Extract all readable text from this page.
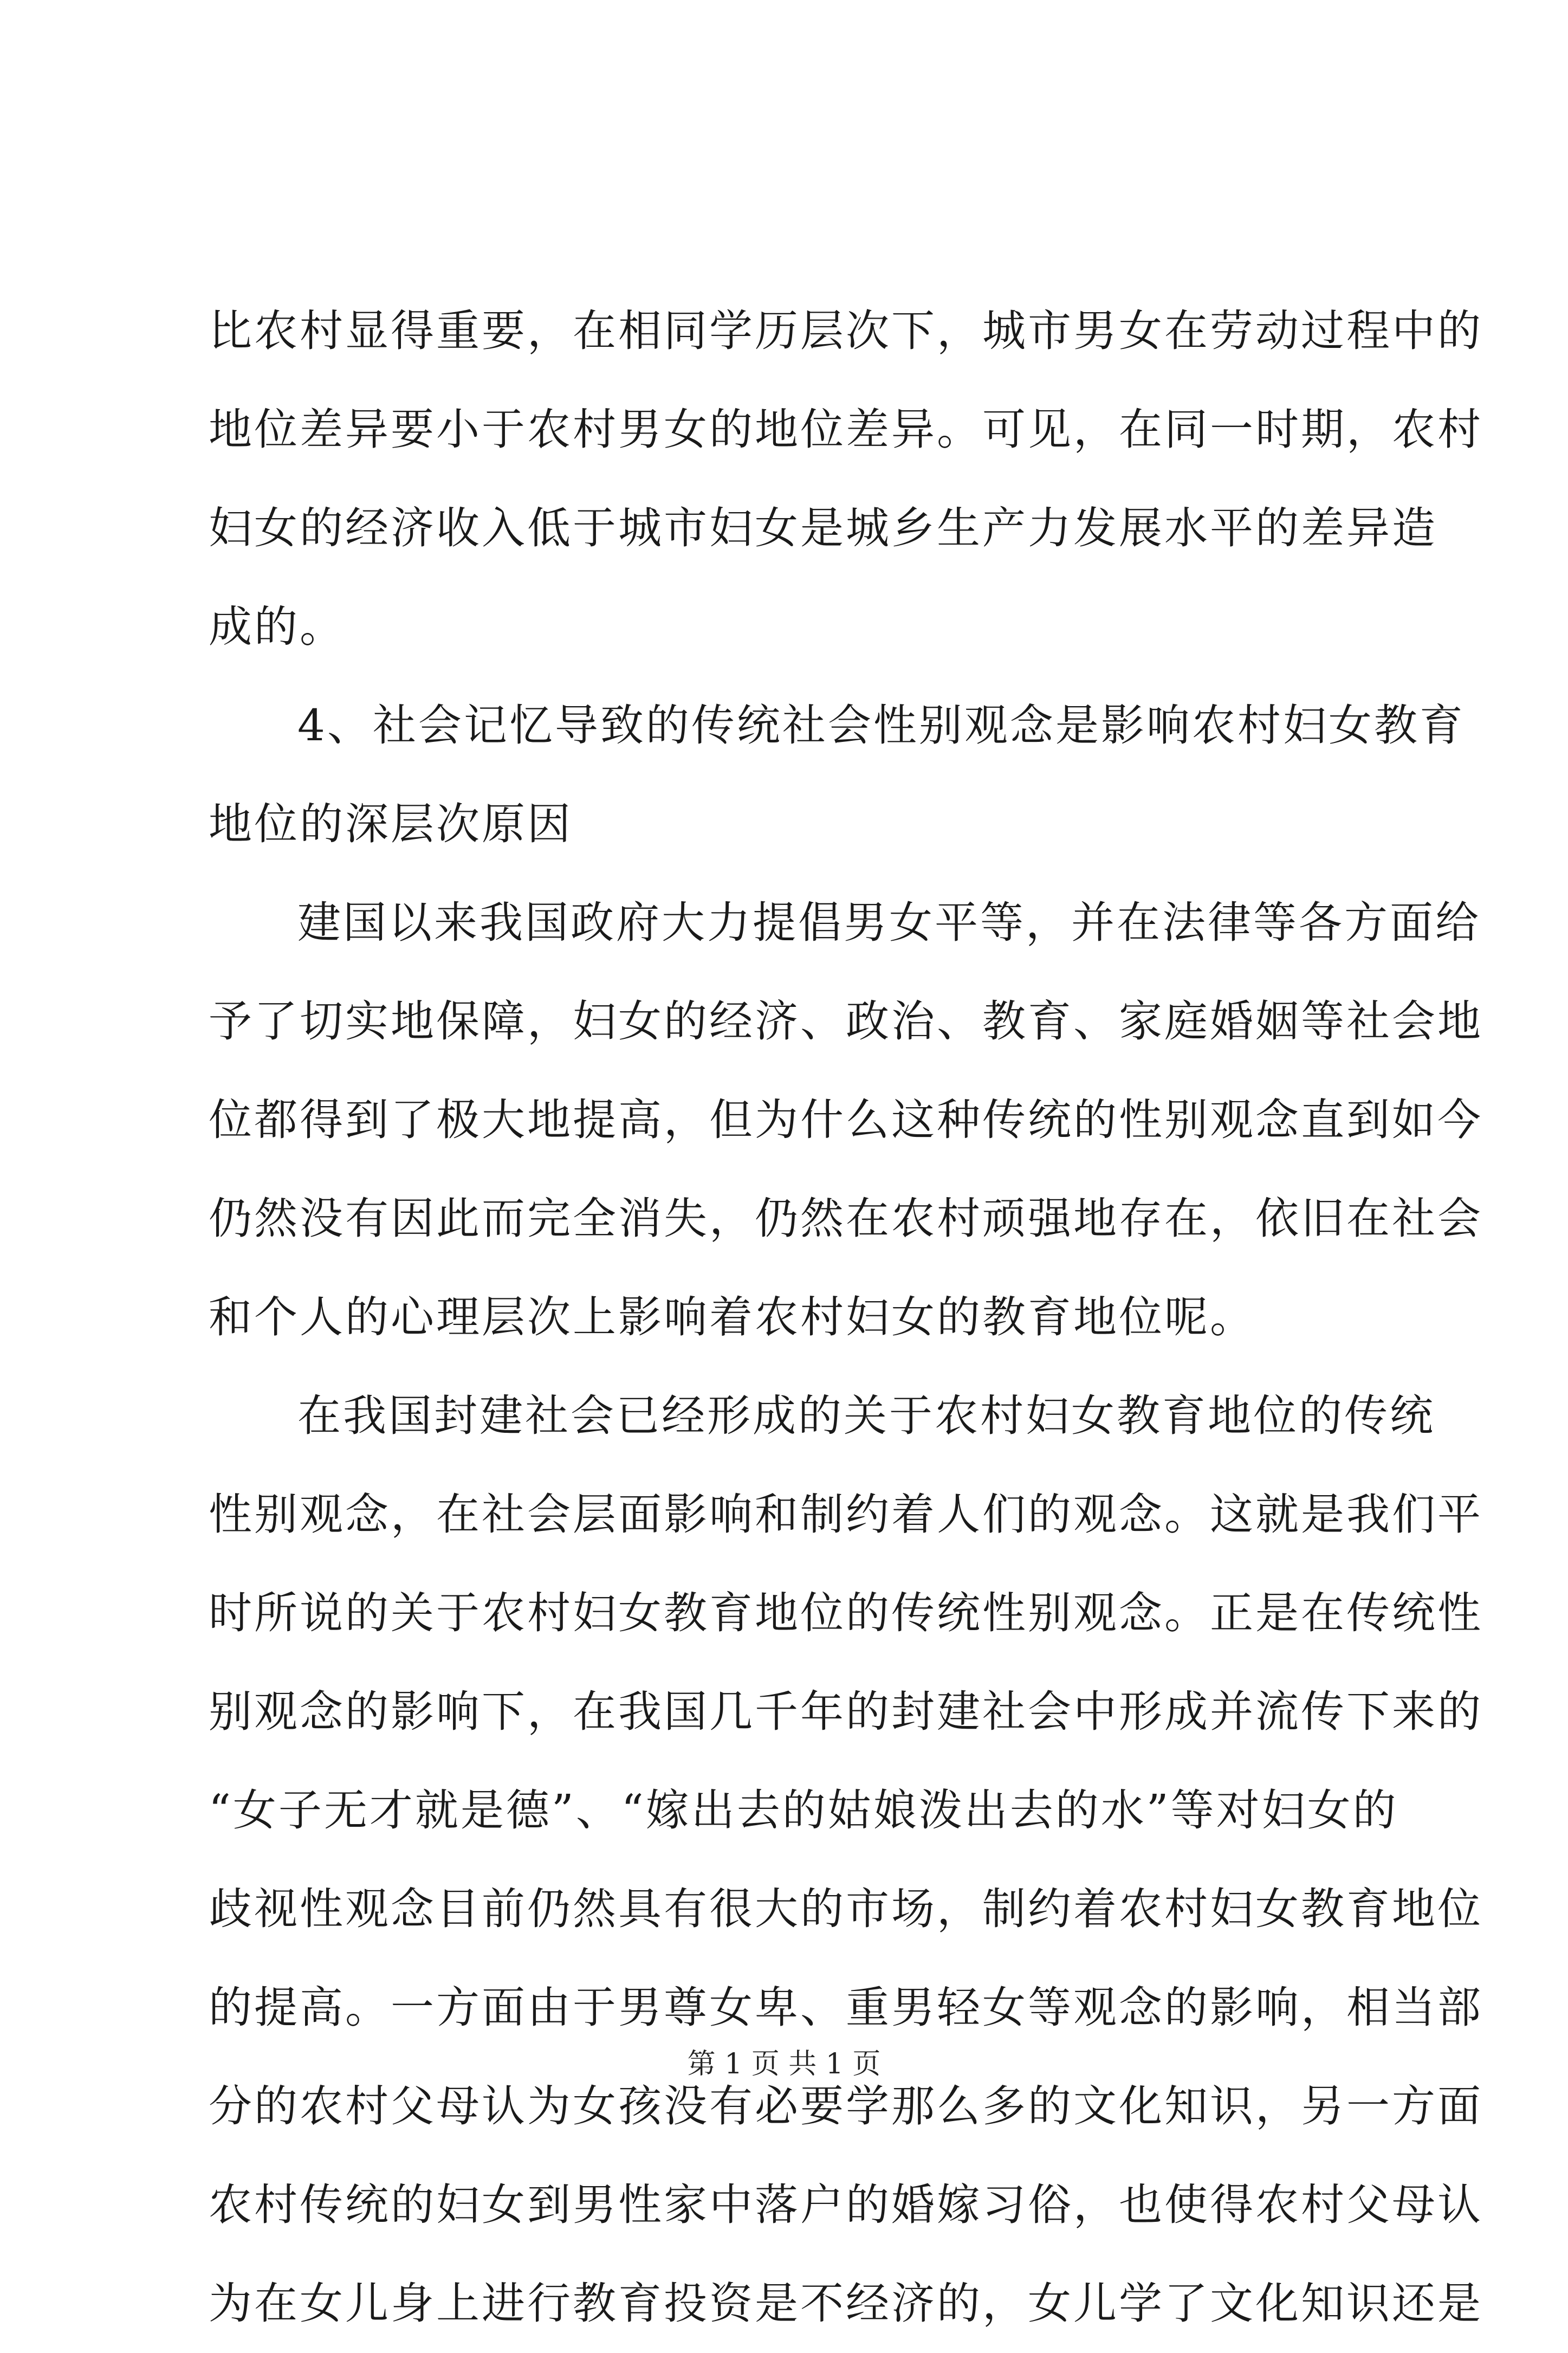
比农村显得重要，在相同学历层次下，城市男女在劳动过程中的
地位差异要小于农村男女的地位差异。可见，在同一时期，农村
妇女的经济收入低于城市妇女是城乡生产力发展水平的差异造
成的。
4、社会记忆导致的传统社会性别观念是影响农村妇女教育
地位的深层次原因
建国以来我国政府大力提倡男女平等，并在法律等各方面给
予了切实地保障，妇女的经济、政治、教育、家庭婚姻等社会地
位都得到了极大地提高，但为什么这种传统的性别观念直到如今
仍然没有因此而完全消失，仍然在农村顽强地存在，依旧在社会
和个人的心理层次上影响着农村妇女的教育地位呢。
在我国封建社会已经形成的关于农村妇女教育地位的传统
性别观念，在社会层面影响和制约着人们的观念。这就是我们平
时所说的关于农村妇女教育地位的传统性别观念。正是在传统性
别观念的影响下，在我国几千年的封建社会中形成并流传下来的
“女子无才就是德”、“嫁出去的姑娘泼出去的水”等对妇女的
歧视性观念目前仍然具有很大的市场，制约着农村妇女教育地位
的提高。一方面由于男尊女卑、重男轻女等观念的影响，相当部
分的农村父母认为女孩没有必要学那么多的文化知识，另一方面
农村传统的妇女到男性家中落户的婚嫁习俗，也使得农村父母认
为在女儿身上进行教育投资是不经济的，女儿学了文化知识还是
第 1 页 共 1 页
